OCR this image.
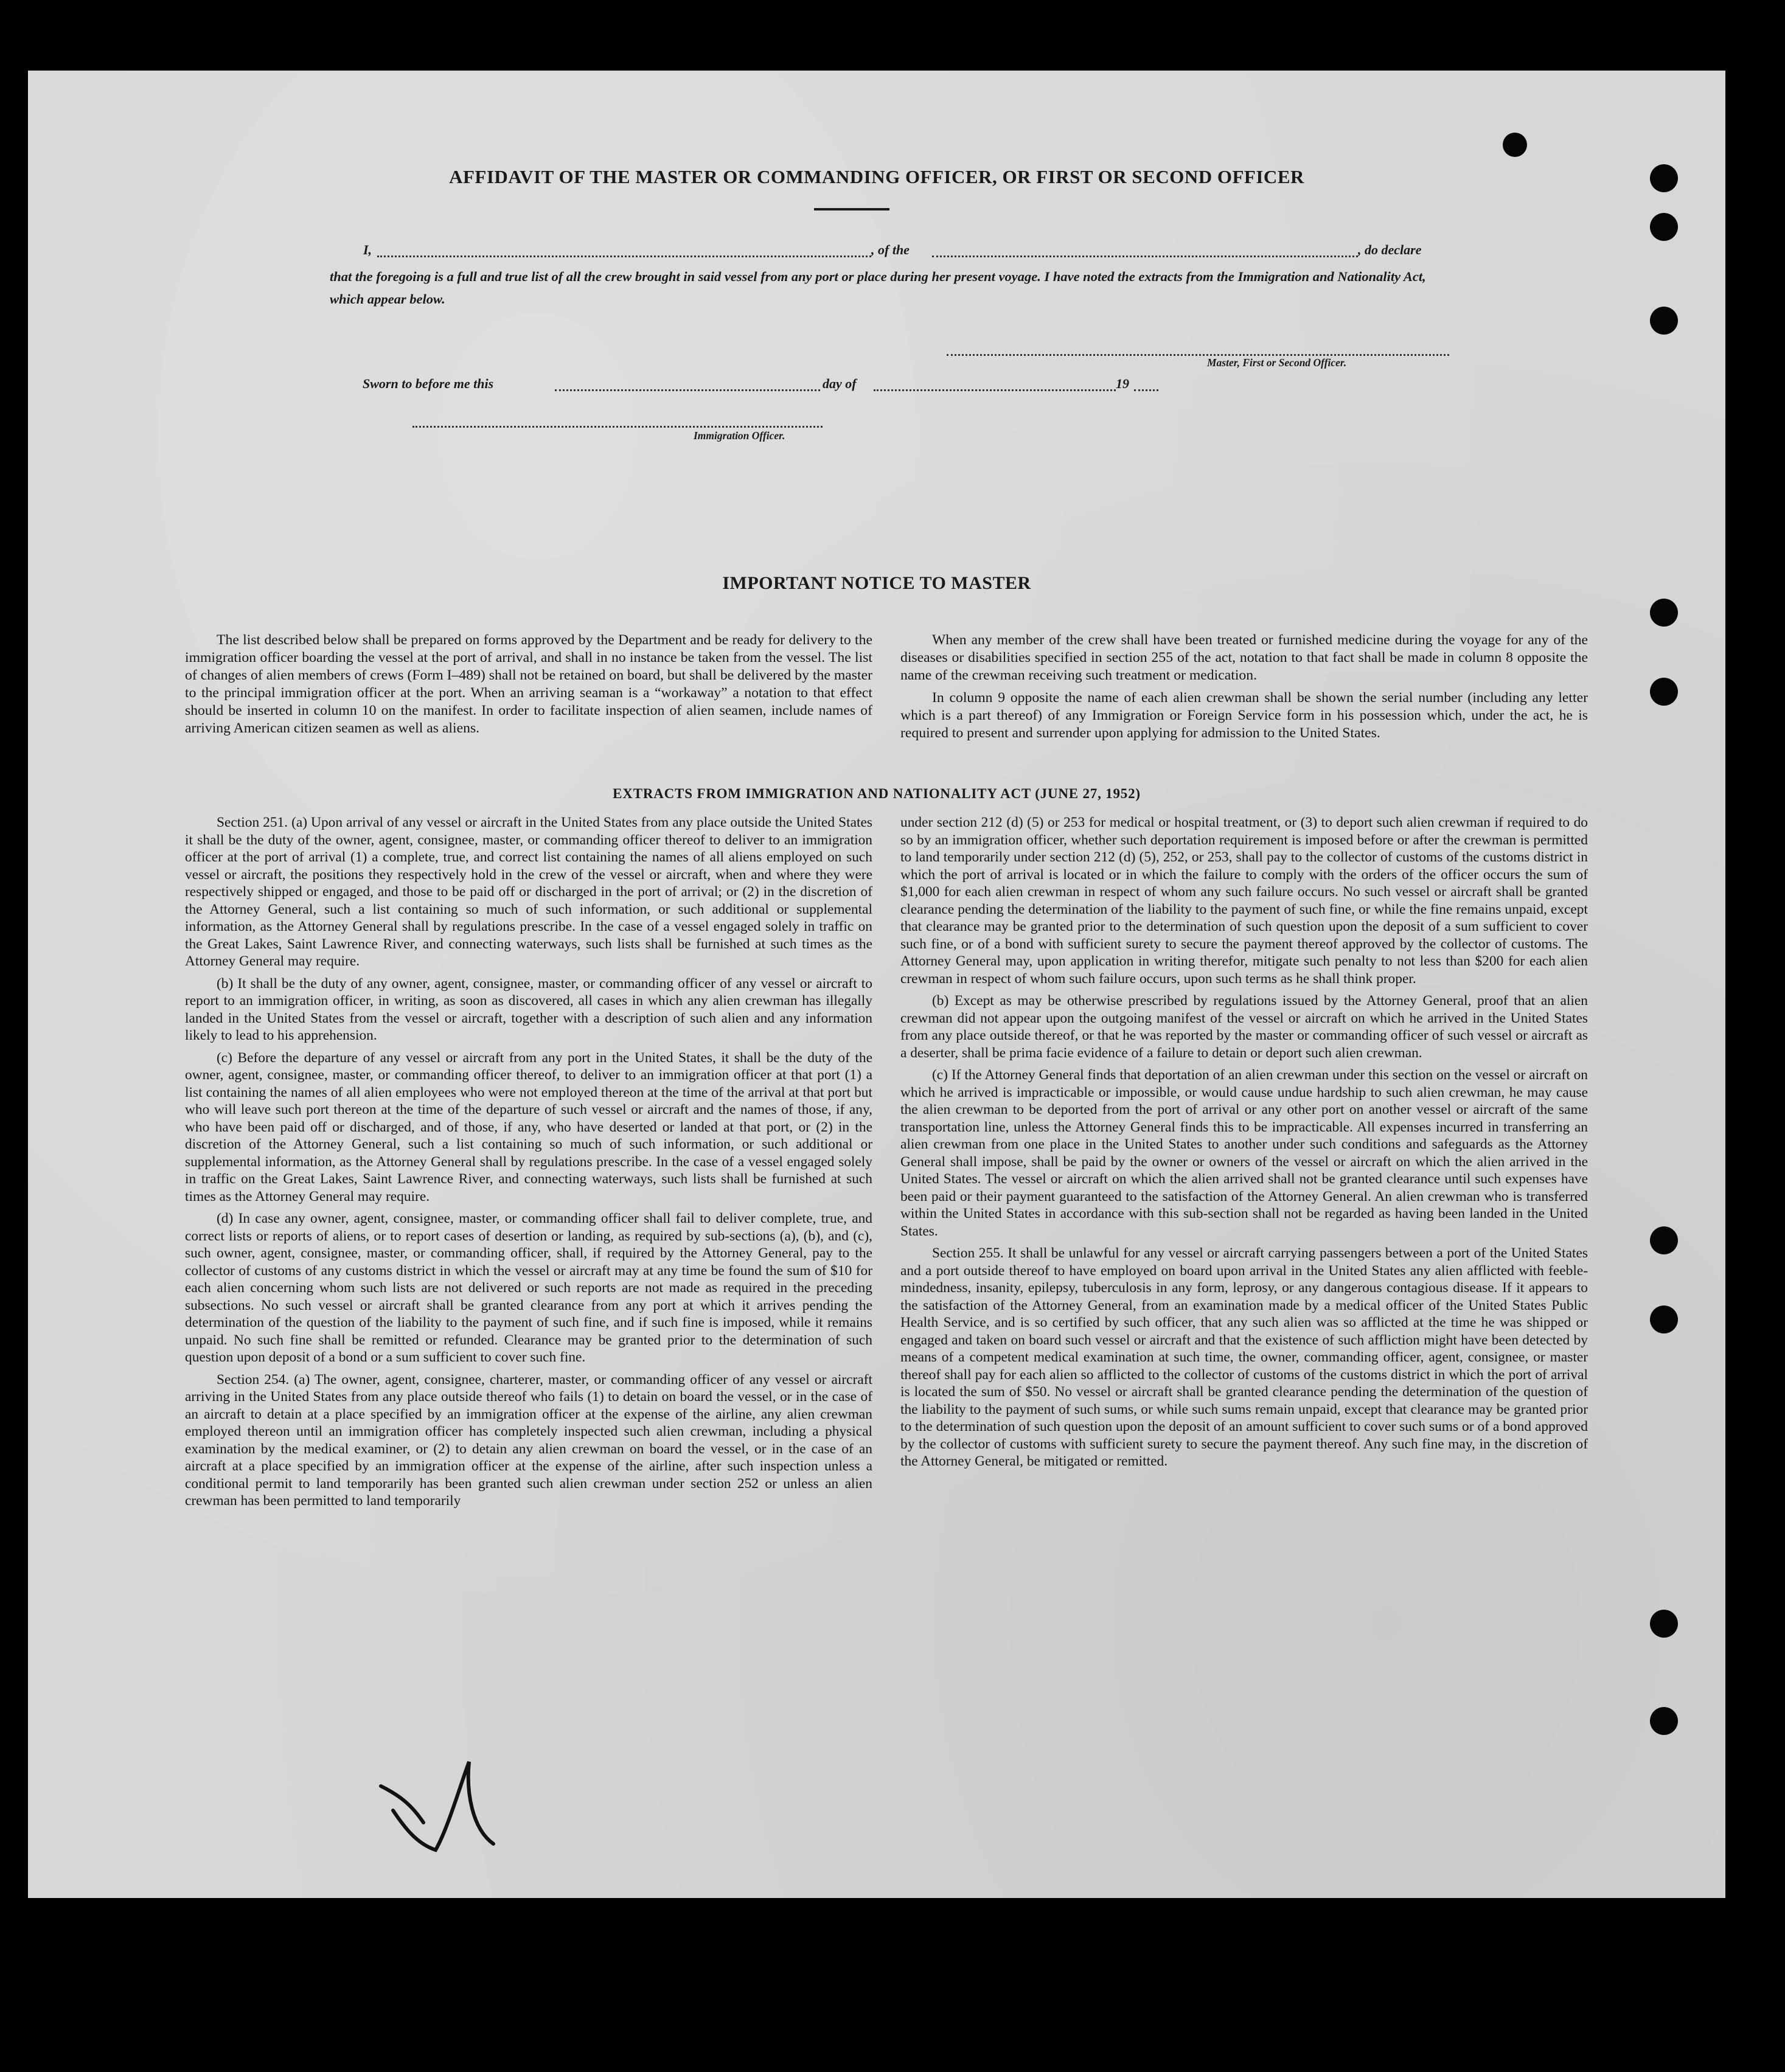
AFFIDAVIT OF THE MASTER OR COMMANDING OFFICER, OR FIRST OR SECOND OFFICER
I,	, of the	, do declare
that the foregoing is a full and true list of all the crew brought in said vessel from any port or place during her present voyage. I have noted the extracts from the Immigration and Nationality Act, which appear below.
Master, First or Second Officer.
Sworn to before me this	day of	19
Immigration Officer.
IMPORTANT NOTICE TO MASTER

The list described below shall be prepared on forms approved by the Department and be ready for delivery to the immigration officer boarding the vessel at the port of arrival, and shall in no instance be taken from the vessel. The list of changes of alien members of crews (Form I–489) shall not be retained on board, but shall be delivered by the master to the principal immigration officer at the port. When an arriving seaman is a “workaway” a notation to that effect should be inserted in column 10 on the manifest. In order to facilitate inspection of alien seamen, include names of arriving American citizen seamen as well as aliens.

When any member of the crew shall have been treated or furnished medicine during the voyage for any of the diseases or disabilities specified in section 255 of the act, notation to that fact shall be made in column 8 opposite the name of the crewman receiving such treatment or medication.

In column 9 opposite the name of each alien crewman shall be shown the serial number (including any letter which is a part thereof) of any Immigration or Foreign Service form in his possession which, under the act, he is required to present and surrender upon applying for admission to the United States.

EXTRACTS FROM IMMIGRATION AND NATIONALITY ACT (JUNE 27, 1952)

Section 251. (a) Upon arrival of any vessel or aircraft in the United States from any place outside the United States it shall be the duty of the owner, agent, consignee, master, or commanding officer thereof to deliver to an immigration officer at the port of arrival (1) a complete, true, and correct list containing the names of all aliens employed on such vessel or aircraft, the positions they respectively hold in the crew of the vessel or aircraft, when and where they were respectively shipped or engaged, and those to be paid off or discharged in the port of arrival; or (2) in the discretion of the Attorney General, such a list containing so much of such information, or such additional or supplemental information, as the Attorney General shall by regulations prescribe. In the case of a vessel engaged solely in traffic on the Great Lakes, Saint Lawrence River, and connecting waterways, such lists shall be furnished at such times as the Attorney General may require.

(b) It shall be the duty of any owner, agent, consignee, master, or commanding officer of any vessel or aircraft to report to an immigration officer, in writing, as soon as discovered, all cases in which any alien crewman has illegally landed in the United States from the vessel or aircraft, together with a description of such alien and any information likely to lead to his apprehension.

(c) Before the departure of any vessel or aircraft from any port in the United States, it shall be the duty of the owner, agent, consignee, master, or commanding officer thereof, to deliver to an immigration officer at that port (1) a list containing the names of all alien employees who were not employed thereon at the time of the arrival at that port but who will leave such port thereon at the time of the departure of such vessel or aircraft and the names of those, if any, who have been paid off or discharged, and of those, if any, who have deserted or landed at that port, or (2) in the discretion of the Attorney General, such a list containing so much of such information, or such additional or supplemental information, as the Attorney General shall by regulations prescribe. In the case of a vessel engaged solely in traffic on the Great Lakes, Saint Lawrence River, and connecting waterways, such lists shall be furnished at such times as the Attorney General may require.

(d) In case any owner, agent, consignee, master, or commanding officer shall fail to deliver complete, true, and correct lists or reports of aliens, or to report cases of desertion or landing, as required by sub-sections (a), (b), and (c), such owner, agent, consignee, master, or commanding officer, shall, if required by the Attorney General, pay to the collector of customs of any customs district in which the vessel or aircraft may at any time be found the sum of $10 for each alien concerning whom such lists are not delivered or such reports are not made as required in the preceding subsections. No such vessel or aircraft shall be granted clearance from any port at which it arrives pending the determination of the question of the liability to the payment of such fine, and if such fine is imposed, while it remains unpaid. No such fine shall be remitted or refunded. Clearance may be granted prior to the determination of such question upon deposit of a bond or a sum sufficient to cover such fine.

Section 254. (a) The owner, agent, consignee, charterer, master, or commanding officer of any vessel or aircraft arriving in the United States from any place outside thereof who fails (1) to detain on board the vessel, or in the case of an aircraft to detain at a place specified by an immigration officer at the expense of the airline, any alien crewman employed thereon until an immigration officer has completely inspected such alien crewman, including a physical examination by the medical examiner, or (2) to detain any alien crewman on board the vessel, or in the case of an aircraft at a place specified by an immigration officer at the expense of the airline, after such inspection unless a conditional permit to land temporarily has been granted such alien crewman under section 252 or unless an alien crewman has been permitted to land temporarily

under section 212 (d) (5) or 253 for medical or hospital treatment, or (3) to deport such alien crewman if required to do so by an immigration officer, whether such deportation requirement is imposed before or after the crewman is permitted to land temporarily under section 212 (d) (5), 252, or 253, shall pay to the collector of customs of the customs district in which the port of arrival is located or in which the failure to comply with the orders of the officer occurs the sum of $1,000 for each alien crewman in respect of whom any such failure occurs. No such vessel or aircraft shall be granted clearance pending the determination of the liability to the payment of such fine, or while the fine remains unpaid, except that clearance may be granted prior to the determination of such question upon the deposit of a sum sufficient to cover such fine, or of a bond with sufficient surety to secure the payment thereof approved by the collector of customs. The Attorney General may, upon application in writing therefor, mitigate such penalty to not less than $200 for each alien crewman in respect of whom such failure occurs, upon such terms as he shall think proper.

(b) Except as may be otherwise prescribed by regulations issued by the Attorney General, proof that an alien crewman did not appear upon the outgoing manifest of the vessel or aircraft on which he arrived in the United States from any place outside thereof, or that he was reported by the master or commanding officer of such vessel or aircraft as a deserter, shall be prima facie evidence of a failure to detain or deport such alien crewman.

(c) If the Attorney General finds that deportation of an alien crewman under this section on the vessel or aircraft on which he arrived is impracticable or impossible, or would cause undue hardship to such alien crewman, he may cause the alien crewman to be deported from the port of arrival or any other port on another vessel or aircraft of the same transportation line, unless the Attorney General finds this to be impracticable. All expenses incurred in transferring an alien crewman from one place in the United States to another under such conditions and safeguards as the Attorney General shall impose, shall be paid by the owner or owners of the vessel or aircraft on which the alien arrived in the United States. The vessel or aircraft on which the alien arrived shall not be granted clearance until such expenses have been paid or their payment guaranteed to the satisfaction of the Attorney General. An alien crewman who is transferred within the United States in accordance with this sub-section shall not be regarded as having been landed in the United States.

Section 255. It shall be unlawful for any vessel or aircraft carrying passengers between a port of the United States and a port outside thereof to have employed on board upon arrival in the United States any alien afflicted with feeble-mindedness, insanity, epilepsy, tuberculosis in any form, leprosy, or any dangerous contagious disease. If it appears to the satisfaction of the Attorney General, from an examination made by a medical officer of the United States Public Health Service, and is so certified by such officer, that any such alien was so afflicted at the time he was shipped or engaged and taken on board such vessel or aircraft and that the existence of such affliction might have been detected by means of a competent medical examination at such time, the owner, commanding officer, agent, consignee, or master thereof shall pay for each alien so afflicted to the collector of customs of the customs district in which the port of arrival is located the sum of $50. No vessel or aircraft shall be granted clearance pending the determination of the question of the liability to the payment of such sums, or while such sums remain unpaid, except that clearance may be granted prior to the determination of such question upon the deposit of an amount sufficient to cover such sums or of a bond approved by the collector of customs with sufficient surety to secure the payment thereof. Any such fine may, in the discretion of the Attorney General, be mitigated or remitted.
